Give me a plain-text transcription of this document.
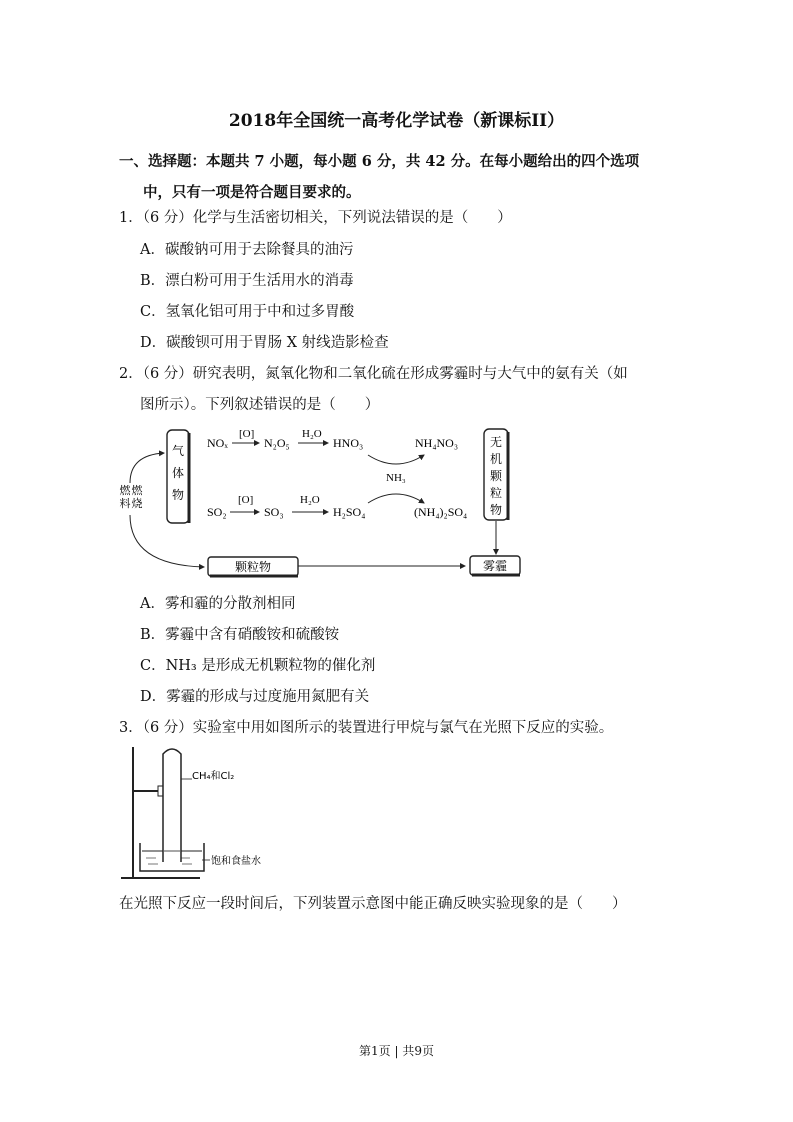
2018年全国统一高考化学试卷（新课标II）
一、选择题：本题共 7 小题，每小题 6 分，共 42 分。在每小题给出的四个选项
中，只有一项是符合题目要求的。
1．（6 分）化学与生活密切相关，下列说法错误的是（　　）
A．碳酸钠可用于去除餐具的油污
B．漂白粉可用于生活用水的消毒
C．氢氧化铝可用于中和过多胃酸
D．碳酸钡可用于胃肠 X 射线造影检查
2．（6 分）研究表明，氮氧化物和二氧化硫在形成雾霾时与大气中的氨有关（如
图所示）。下列叙述错误的是（　　）
气
体
物
无
机
颗
粒
物
NOₓ
[O]
N₂O₅
H₂O
HNO₃	NH₄NO₃
NH₃
SO₂
[O]
SO₃
H₂O
H₂SO₄	(NH₄)₂SO₄
燃
料
燃
烧
颗粒物	雾霾
A．雾和霾的分散剂相同
B．雾霾中含有硝酸铵和硫酸铵
C．NH₃ 是形成无机颗粒物的催化剂
D．雾霾的形成与过度施用氮肥有关
3．（6 分）实验室中用如图所示的装置进行甲烷与氯气在光照下反应的实验。
CH₄和Cl₂
饱和食盐水
在光照下反应一段时间后，下列装置示意图中能正确反映实验现象的是（　　）
第1页 | 共9页
